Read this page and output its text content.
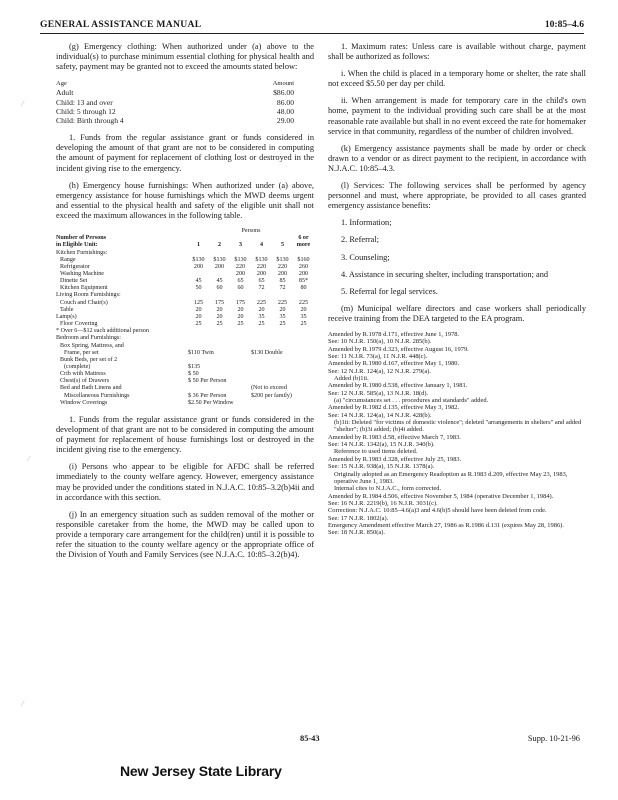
GENERAL ASSISTANCE MANUAL	10:85–4.6
⁄
⁄
⁄

(g) Emergency clothing: When authorized under (a) above to the individual(s) to purchase minimum essential clothing for physical health and safety, payment may be granted not to exceed the amounts stated below:

Age	Amount
Adult	$86.00
Child: 13 and over	86.00
Child: 5 through 12	48.00
Child: Birth through 4	29.00

1. Funds from the regular assistance grant or funds considered in developing the amount of that grant are not to be considered in computing the amount of payment for replacement of clothing lost or destroyed in the incident giving rise to the emergency.

(h) Emergency house furnishings: When authorized under (a) above, emergency assistance for house furnishings which the MWD deems urgent and essential to the physical health and safety of the eligible unit shall not exceed the maximum allowances in the following table.

	Persons					
Number of Persons						6 or
in Eligible Unit:	1	2	3	4	5	more
Kitchen Furnishings:						
Range	$130	$130	$130	$130	$130	$160
Refrigerator	200	200	220	220	220	260
Washing Machine			200	200	200	200
Dinette Set	45	45	65	65	85	85*
Kitchen Equipment	50	60	60	72	72	80
Living Room Furnishings:						
Couch and Chair(s)	125	175	175	225	225	225
Table	20	20	20	20	20	20
Lamp(s)	20	20	20	35	35	35
Floor Covering	25	25	25	25	25	25
* Over 6—$12 each additional person						
Bedroom and Furnishings:						
Box Spring, Mattress, and						
Frame, per set	$110 Twin			$130 Double		
Bunk Beds, per set of 2						
(complete)	$135					
Crib with Mattress	$ 50					
Chest(s) of Drawers	$ 50 Per Person					
Bed and Bath Linens and				(Not to exceed		
Miscellaneous Furnishings	$ 36 Per Person			$200 per family)		
Window Coverings	$2.50 Per Window					

1. Funds from the regular assistance grant or funds considered in the development of that grant are not to be considered in computing the amount of payment for replacement of house furnishings lost or destroyed in the incident giving rise to the emergency.

(i) Persons who appear to be eligible for AFDC shall be referred immediately to the county welfare agency. However, emergency assistance may be provided under the conditions stated in N.J.A.C. 10:85–3.2(b)4ii and in accordance with this section.

(j) In an emergency situation such as sudden removal of the mother or responsible caretaker from the home, the MWD may be called upon to provide a temporary care arrangement for the child(ren) until it is possible to refer the situation to the county welfare agency or the appropriate office of the Division of Youth and Family Services (see N.J.A.C. 10:85–3.2(b)4).

1. Maximum rates: Unless care is available without charge, payment shall be authorized as follows:

i. When the child is placed in a temporary home or shelter, the rate shall not exceed $5.50 per day per child.

ii. When arrangement is made for temporary care in the child's own home, payment to the individual providing such care shall be at the most reasonable rate available but shall in no event exceed the rate for homemaker service in that community, regardless of the number of children involved.

(k) Emergency assistance payments shall be made by order or check drawn to a vendor or as direct payment to the recipient, in accordance with N.J.A.C. 10:85–4.3.

(l) Services: The following services shall be performed by agency personnel and must, where appropriate, be provided to all cases granted emergency assistance benefits:

1. Information;

2. Referral;

3. Counseling;

4. Assistance in securing shelter, including transportation; and

5. Referral for legal services.

(m) Municipal welfare directors and case workers shall periodically receive training from the DEA targeted to the EA program.

Amended by R.1978 d.171, effective June 1, 1978.
See: 10 N.J.R. 150(a), 10 N.J.R. 285(b).
Amended by R.1979 d.323, effective August 16, 1979.
See: 11 N.J.R. 73(a), 11 N.J.R. 448(c).
Amended by R.1980 d.167, effective May 1, 1980.
See: 12 N.J.R. 124(a), 12 N.J.R. 279(a).
Added (b)1ii.
Amended by R.1980 d.538, effective January 1, 1981.
See: 12 N.J.R. 585(a), 13 N.J.R. 18(d).
(a) "circumstances set . . . procedures and standards" added.
Amended by R.1982 d.135, effective May 3, 1982.
See: 14 N.J.R. 124(a), 14 N.J.R. 428(b).
(b)1ii: Deleted "for victims of domestic violence"; deleted "arrangements in shelters" and added "shelter"; (b)3i added; (b)4i added.
Amended by R.1983 d.58, effective March 7, 1983.
See: 14 N.J.R. 1342(a), 15 N.J.R. 340(b).
Reference to used items deleted.
Amended by R.1983 d.328, effective July 25, 1983.
See: 15 N.J.R. 938(a), 15 N.J.R. 1378(a).
Originally adopted as an Emergency Readoption as R.1983 d.209, effective May 23, 1983, operative June 1, 1983.
Internal cites to N.J.A.C., form corrected.
Amended by R.1984 d.506, effective November 5, 1984 (operative December 1, 1984).
See: 16 N.J.R. 2219(b), 16 N.J.R. 3031(c).
Correction: N.J.A.C. 10:85–4.6(a)3 and 4.6(b)5 should have been deleted from code.
See: 17 N.J.R. 1802(a).
Emergency Amendment effective March 27, 1986 as R.1986 d.131 (expires May 28, 1986).
See: 18 N.J.R. 850(a).
85-43	Supp. 10-21-96
New Jersey State Library
